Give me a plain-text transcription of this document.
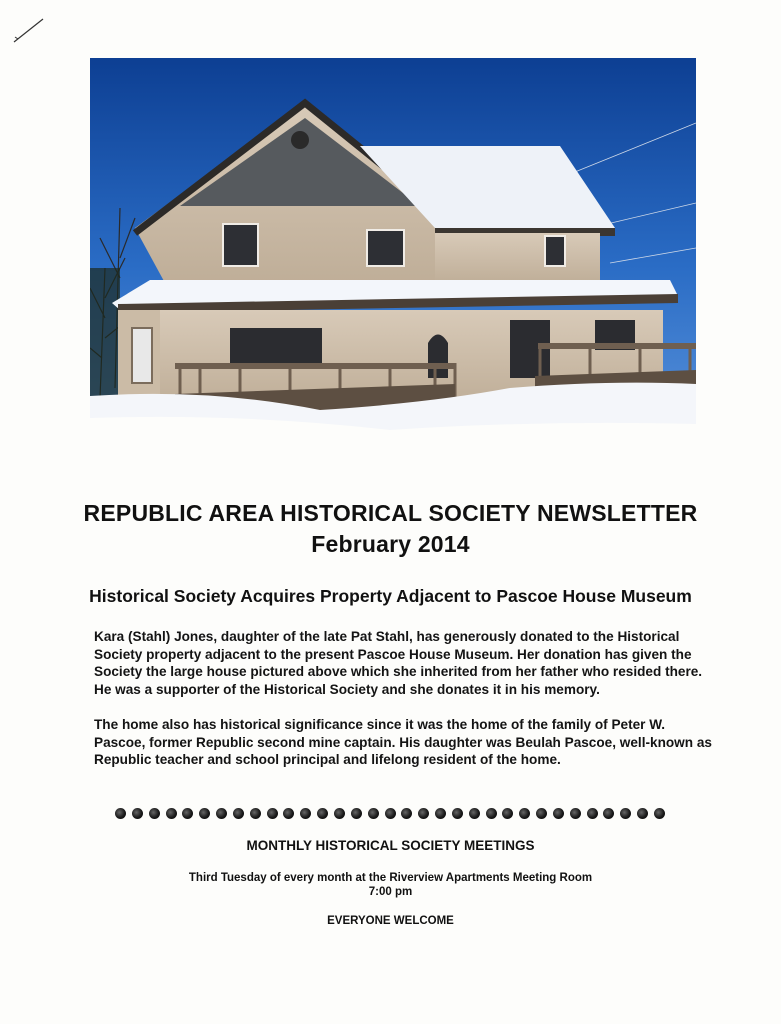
REPUBLIC AREA HISTORICAL SOCIETY NEWSLETTER
February 2014
Historical Society Acquires Property Adjacent to Pascoe House Museum
Kara (Stahl) Jones, daughter of the late Pat Stahl, has generously donated to the Historical Society property adjacent to the present Pascoe House Museum. Her donation has given the Society the large house pictured above which she inherited from her father who resided there. He was a supporter of the Historical Society and she donates it in his memory.
The home also has historical significance since it was the home of the family of Peter W. Pascoe, former Republic second mine captain. His daughter was Beulah Pascoe, well-known as Republic teacher and school principal and lifelong resident of the home.
MONTHLY HISTORICAL SOCIETY MEETINGS
Third Tuesday of every month at the Riverview Apartments Meeting Room
7:00 pm
EVERYONE WELCOME
